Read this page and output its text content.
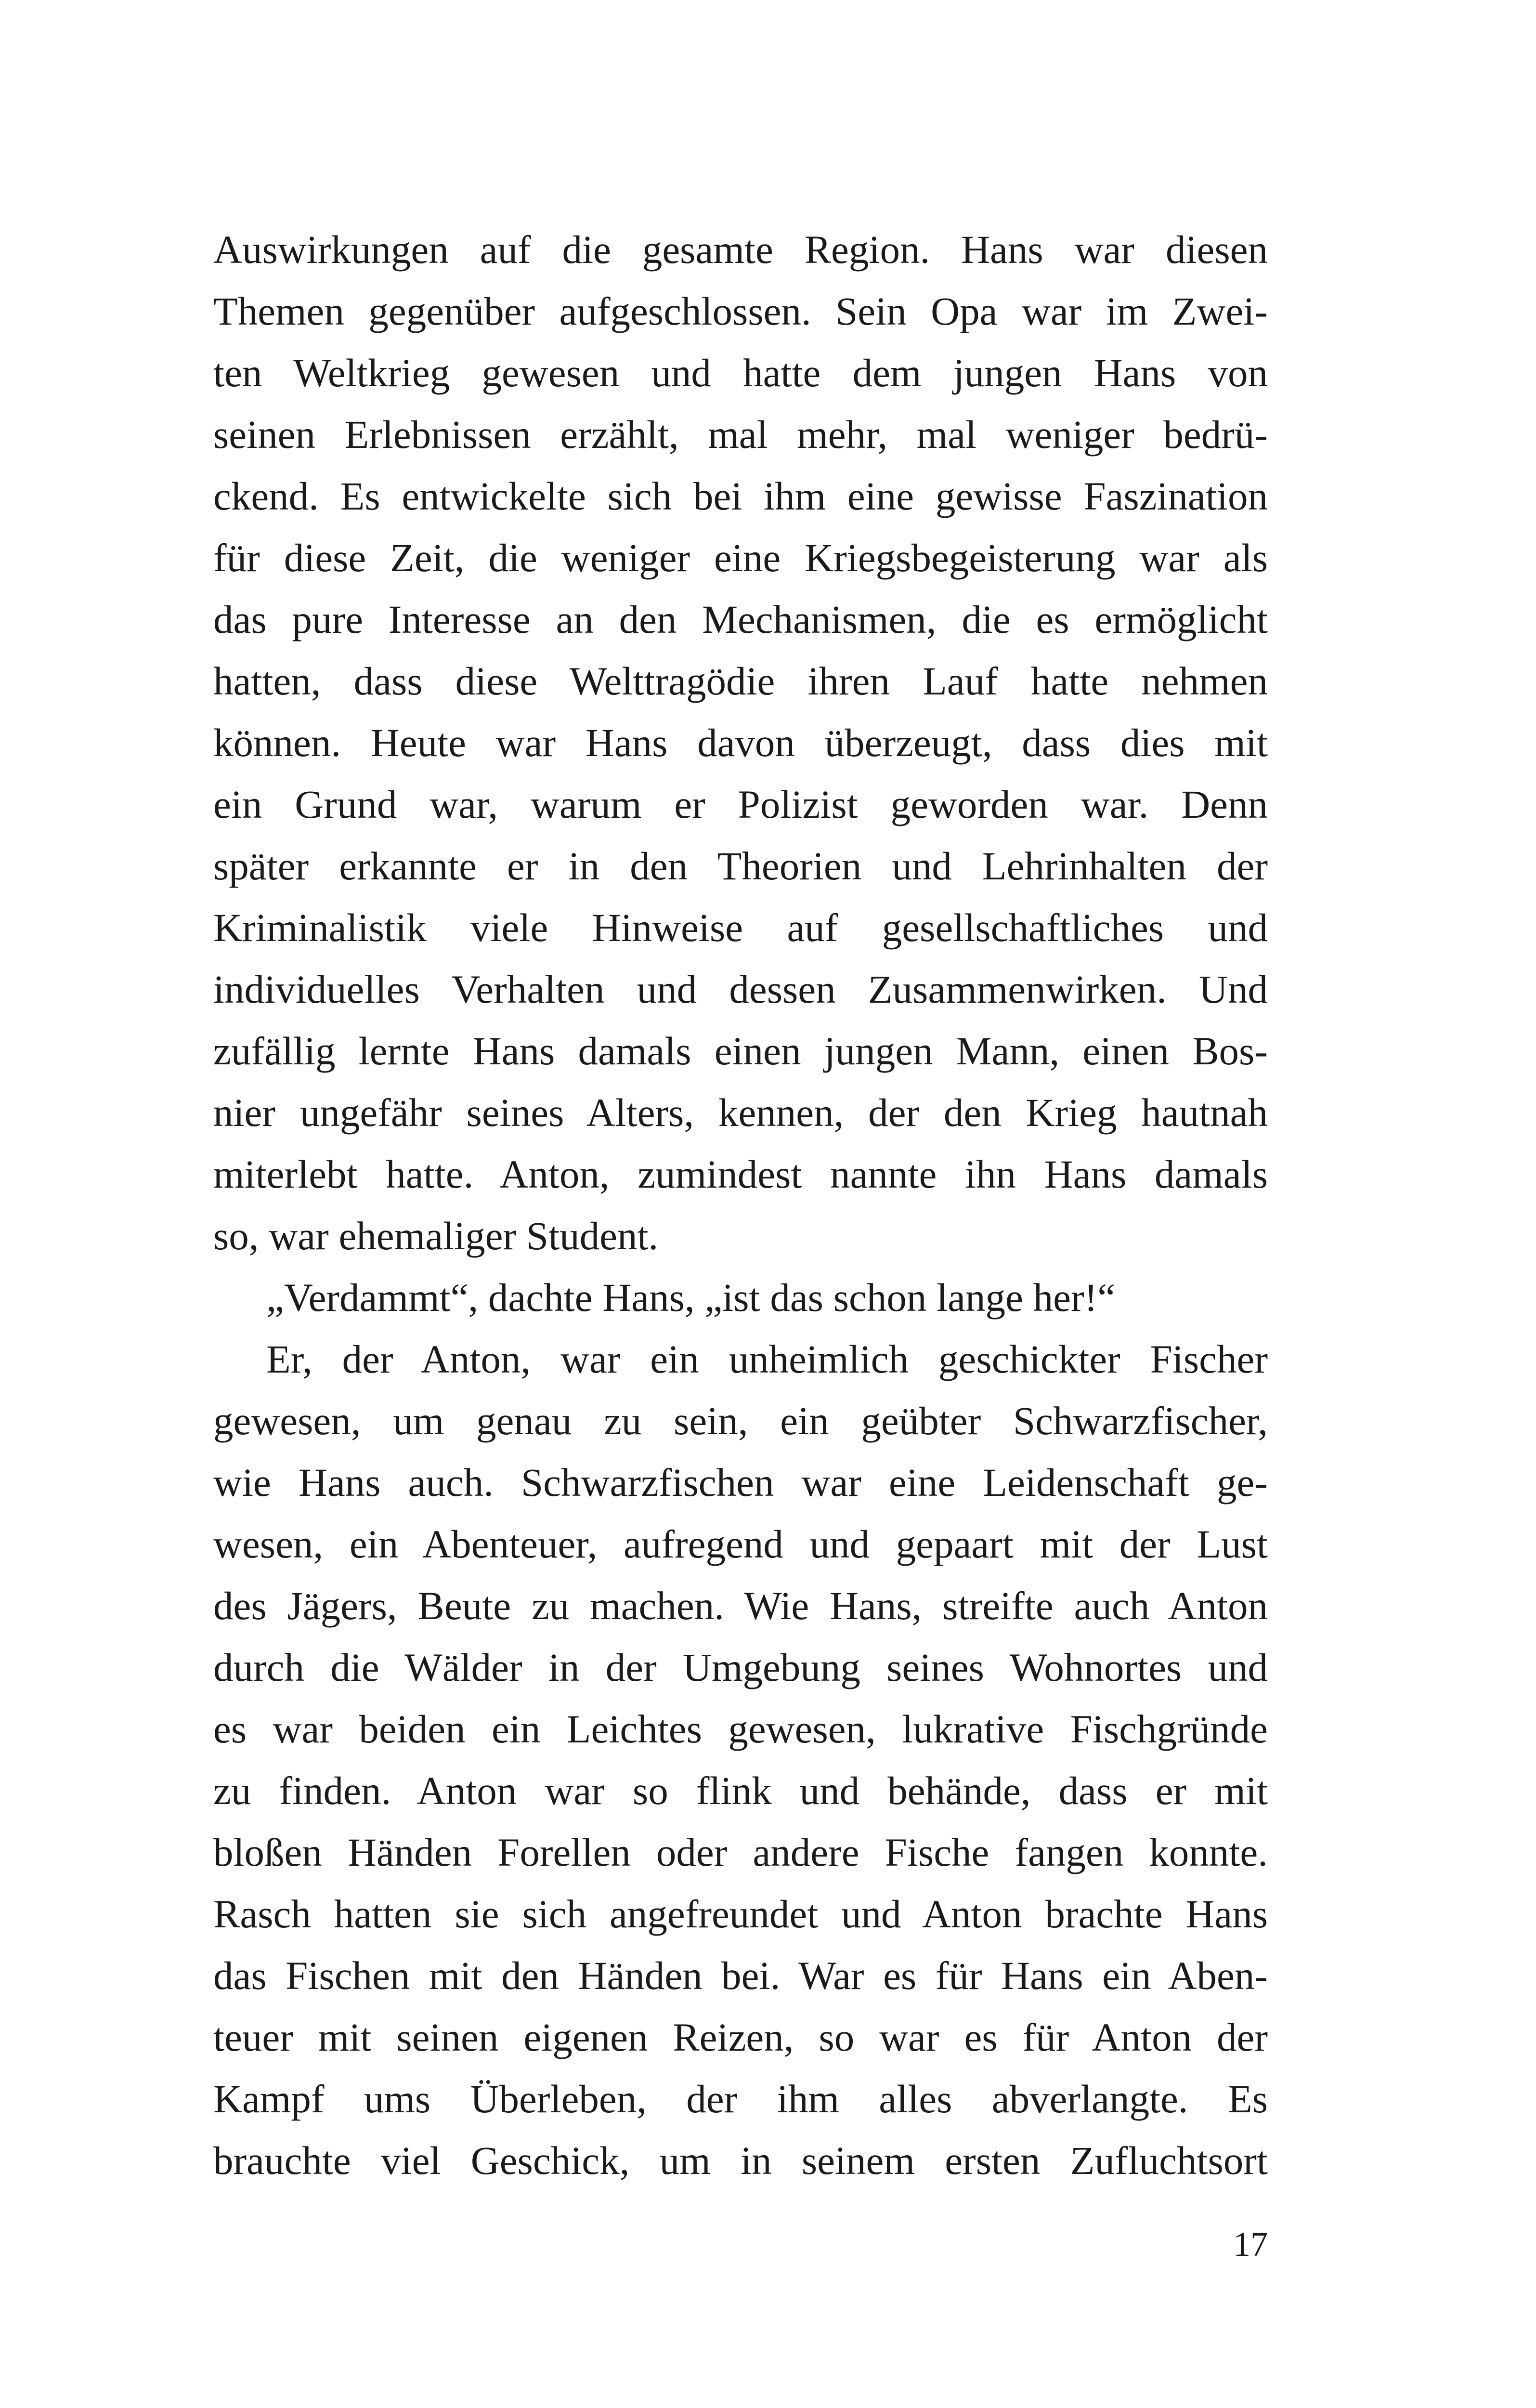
Auswirkungen auf die gesamte Region. Hans war diesen
Themen gegenüber aufgeschlossen. Sein Opa war im Zwei-
ten Weltkrieg gewesen und hatte dem jungen Hans von
seinen Erlebnissen erzählt, mal mehr, mal weniger bedrü-
ckend. Es entwickelte sich bei ihm eine gewisse Faszination
für diese Zeit, die weniger eine Kriegsbegeisterung war als
das pure Interesse an den Mechanismen, die es ermöglicht
hatten, dass diese Welttragödie ihren Lauf hatte nehmen
können. Heute war Hans davon überzeugt, dass dies mit
ein Grund war, warum er Polizist geworden war. Denn
später erkannte er in den Theorien und Lehrinhalten der
Kriminalistik viele Hinweise auf gesellschaftliches und
individuelles Verhalten und dessen Zusammenwirken. Und
zufällig lernte Hans damals einen jungen Mann, einen Bos-
nier ungefähr seines Alters, kennen, der den Krieg hautnah
miterlebt hatte. Anton, zumindest nannte ihn Hans damals
so, war ehemaliger Student.
„Verdammt“, dachte Hans, „ist das schon lange her!“
Er, der Anton, war ein unheimlich geschickter Fischer
gewesen, um genau zu sein, ein geübter Schwarzfischer,
wie Hans auch. Schwarzfischen war eine Leidenschaft ge-
wesen, ein Abenteuer, aufregend und gepaart mit der Lust
des Jägers, Beute zu machen. Wie Hans, streifte auch Anton
durch die Wälder in der Umgebung seines Wohnortes und
es war beiden ein Leichtes gewesen, lukrative Fischgründe
zu finden. Anton war so flink und behände, dass er mit
bloßen Händen Forellen oder andere Fische fangen konnte.
Rasch hatten sie sich angefreundet und Anton brachte Hans
das Fischen mit den Händen bei. War es für Hans ein Aben-
teuer mit seinen eigenen Reizen, so war es für Anton der
Kampf ums Überleben, der ihm alles abverlangte. Es
brauchte viel Geschick, um in seinem ersten Zufluchtsort
17
